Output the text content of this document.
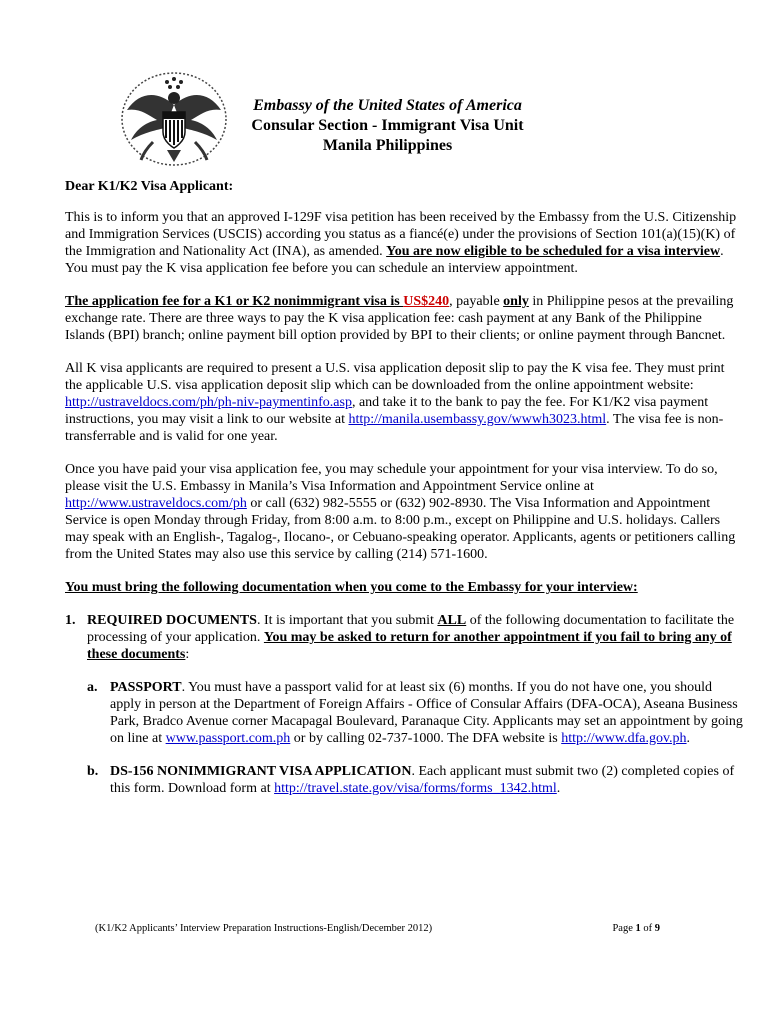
Embassy of the United States of America
Consular Section - Immigrant Visa Unit
Manila Philippines

Dear K1/K2 Visa Applicant:

This is to inform you that an approved I-129F visa petition has been received by the Embassy from the U.S. Citizenship and Immigration Services (USCIS) according you status as a fiancé(e) under the provisions of Section 101(a)(15)(K) of the Immigration and Nationality Act (INA), as amended. You are now eligible to be scheduled for a visa interview. You must pay the K visa application fee before you can schedule an interview appointment.

The application fee for a K1 or K2 nonimmigrant visa is US$240, payable only in Philippine pesos at the prevailing exchange rate. There are three ways to pay the K visa application fee: cash payment at any Bank of the Philippine Islands (BPI) branch; online payment bill option provided by BPI to their clients; or online payment through Bancnet.

All K visa applicants are required to present a U.S. visa application deposit slip to pay the K visa fee. They must print the applicable U.S. visa application deposit slip which can be downloaded from the online appointment website: http://ustraveldocs.com/ph/ph-niv-paymentinfo.asp, and take it to the bank to pay the fee. For K1/K2 visa payment instructions, you may visit a link to our website at http://manila.usembassy.gov/wwwh3023.html. The visa fee is non-transferrable and is valid for one year.

Once you have paid your visa application fee, you may schedule your appointment for your visa interview. To do so, please visit the U.S. Embassy in Manila’s Visa Information and Appointment Service online at http://www.ustraveldocs.com/ph or call (632) 982-5555 or (632) 902-8930. The Visa Information and Appointment Service is open Monday through Friday, from 8:00 a.m. to 8:00 p.m., except on Philippine and U.S. holidays. Callers may speak with an English-, Tagalog-, Ilocano-, or Cebuano-speaking operator. Applicants, agents or petitioners calling from the United States may also use this service by calling (214) 571-1600.

You must bring the following documentation when you come to the Embassy for your interview:

1. REQUIRED DOCUMENTS. It is important that you submit ALL of the following documentation to facilitate the processing of your application. You may be asked to return for another appointment if you fail to bring any of these documents:
a. PASSPORT. You must have a passport valid for at least six (6) months. If you do not have one, you should apply in person at the Department of Foreign Affairs - Office of Consular Affairs (DFA-OCA), Aseana Business Park, Bradco Avenue corner Macapagal Boulevard, Paranaque City. Applicants may set an appointment by going on line at www.passport.com.ph or by calling 02-737-1000. The DFA website is http://www.dfa.gov.ph.
b. DS-156 NONIMMIGRANT VISA APPLICATION. Each applicant must submit two (2) completed copies of this form. Download form at http://travel.state.gov/visa/forms/forms_1342.html.
(K1/K2 Applicants’ Interview Preparation Instructions-English/December 2012)	Page 1 of 9
